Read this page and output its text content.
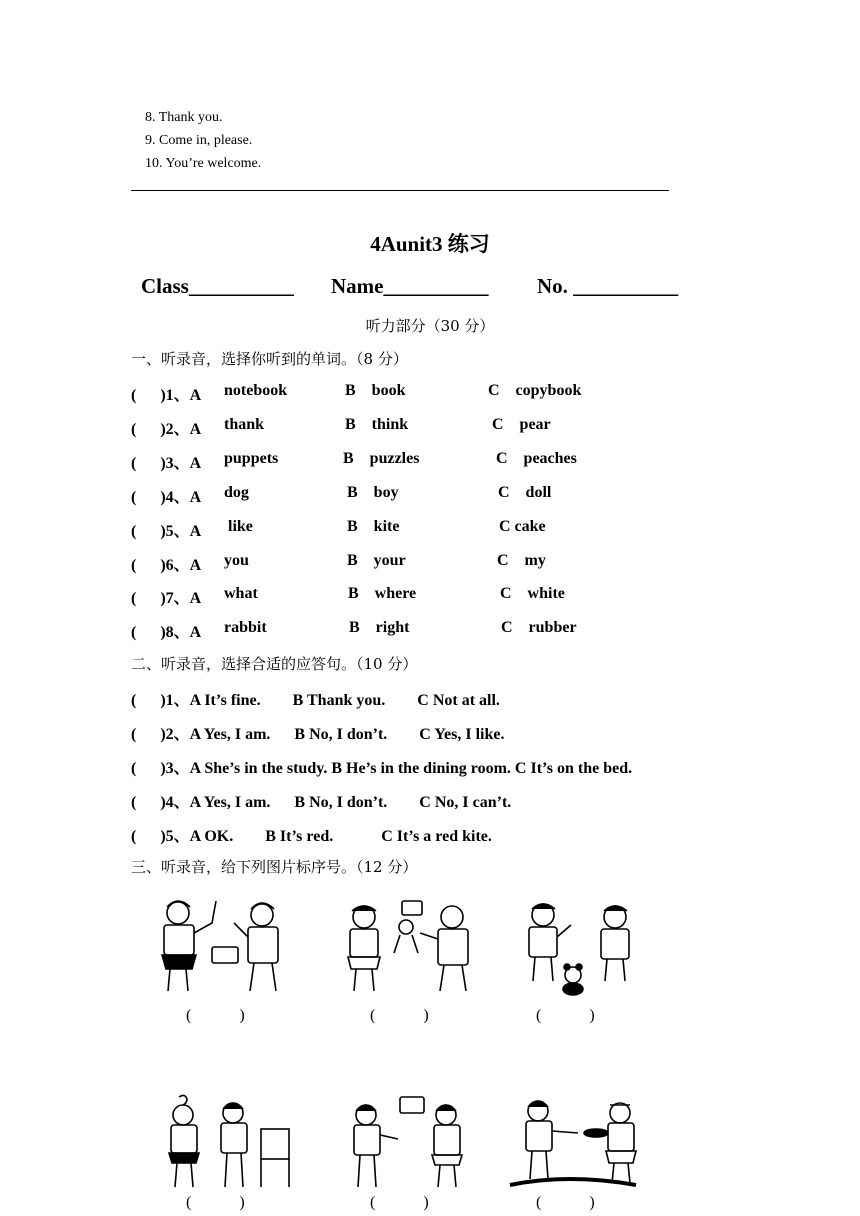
8. Thank you.
9. Come in, please.
10. You’re welcome.
4Aunit3 练习
Class__________ Name__________ No. __________
听力部分（30 分）
一、听录音，选择你听到的单词。（8 分）
(      )1、A notebook	B    book	C    copybook
(      )2、A thank	B    think	C    pear
(      )3、A puppets	B    puzzles	C    peaches
(      )4、A dog	B    boy	C    doll
(      )5、A like	B    kite	C cake
(      )6、A you	B    your	C    my
(      )7、A what	B    where	C    white
(      )8、A rabbit	B    right	C    rubber
二、听录音，选择合适的应答句。（10 分）
(      )1、A It’s fine.        B Thank you.        C Not at all.
(      )2、A Yes, I am.      B No, I don’t.        C Yes, I like.
(      )3、A She’s in the study. B He’s in the dining room. C It’s on the bed.
(      )4、A Yes, I am.      B No, I don’t.        C No, I can’t.
(      )5、A OK.        B It’s red.            C It’s a red kite.
三、听录音，给下列图片标序号。（12 分）
(            )	(            )	(            )
(            )	(            )	(            )
